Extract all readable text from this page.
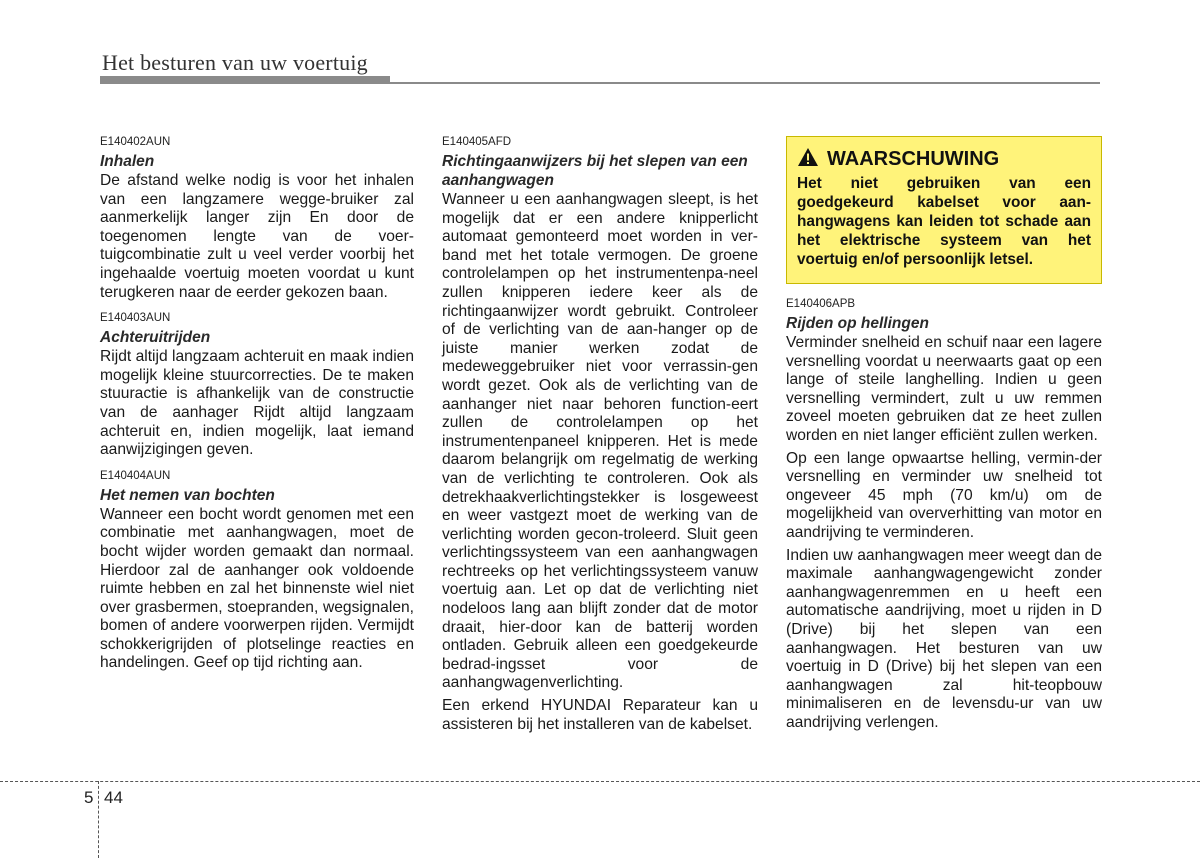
Het besturen van uw voertuig
E140402AUN
Inhalen

De afstand welke nodig is voor het inhalen van een langzamere wegge-bruiker zal aanmerkelijk langer zijn En door de toegenomen lengte van de voer-tuigcombinatie zult u veel verder voorbij het ingehaalde voertuig moeten voordat u kunt terugkeren naar de eerder gekozen baan.

E140403AUN
Achteruitrijden

Rijdt altijd langzaam achteruit en maak indien mogelijk kleine stuurcorrecties. De te maken stuuractie is afhankelijk van de constructie van de aanhager Rijdt altijd langzaam achteruit en, indien mogelijk, laat iemand aanwijzigingen geven.

E140404AUN
Het nemen van bochten

Wanneer een bocht wordt genomen met een combinatie met aanhangwagen, moet de bocht wijder worden gemaakt dan normaal. Hierdoor zal de aanhanger ook voldoende ruimte hebben en zal het binnenste wiel niet over grasbermen, stoepranden, wegsignalen, bomen of andere voorwerpen rijden. Vermijdt schokkerigrijden of plotselinge reacties en handelingen. Geef op tijd richting aan.

E140405AFD
Richtingaanwijzers bij het slepen van een aanhangwagen

Wanneer u een aanhangwagen sleept, is het mogelijk dat er een andere knipperlicht automaat gemonteerd moet worden in ver-band met het totale vermogen. De groene controlelampen op het instrumentenpa-neel zullen knipperen iedere keer als de richtingaanwijzer wordt gebruikt. Controleer of de verlichting van de aan-hanger op de juiste manier werken zodat de medeweggebruiker niet voor verrassin-gen wordt gezet. Ook als de verlichting van de aanhanger niet naar behoren function-eert zullen de controlelampen op het instrumentenpaneel knipperen. Het is mede daarom belangrijk om regelmatig de werking van de verlichting te controleren. Ook als detrekhaakverlichtingstekker is losgeweest en weer vastgezt moet de werking van de verlichting worden gecon-troleerd. Sluit geen verlichtingssysteem van een aanhangwagen rechtreeks op het verlichtingssysteem vanuw voertuig aan. Let op dat de verlichting niet nodeloos lang aan blijft zonder dat de motor draait, hier-door kan de batterij worden ontladen. Gebruik alleen een goedgekeurde bedrad-ingsset voor de aanhangwagenverlichting.

Een erkend HYUNDAI Reparateur kan u assisteren bij het installeren van de kabelset.

WAARSCHUWING
Het niet gebruiken van een goedgekeurd kabelset voor aan-hangwagens kan leiden tot schade aan het elektrische systeem van het voertuig en/of persoonlijk letsel.
E140406APB
Rijden op hellingen

Verminder snelheid en schuif naar een lagere versnelling voordat u neerwaarts gaat op een lange of steile langhelling. Indien u geen versnelling vermindert, zult u uw remmen zoveel moeten gebruiken dat ze heet zullen worden en niet langer efficiënt zullen werken.

Op een lange opwaartse helling, vermin-der versnelling en verminder uw snelheid tot ongeveer 45 mph (70 km/u) om de mogelijkheid van oververhitting van motor en aandrijving te verminderen.

Indien uw aanhangwagen meer weegt dan de maximale aanhangwagengewicht zonder aanhangwagenremmen en u heeft een automatische aandrijving, moet u rijden in D (Drive) bij het slepen van een aanhangwagen. Het besturen van uw voertuig in D (Drive) bij het slepen van een aanhangwagen zal hit-teopbouw minimaliseren en de levensdu-ur van uw aandrijving verlengen.

5 44
